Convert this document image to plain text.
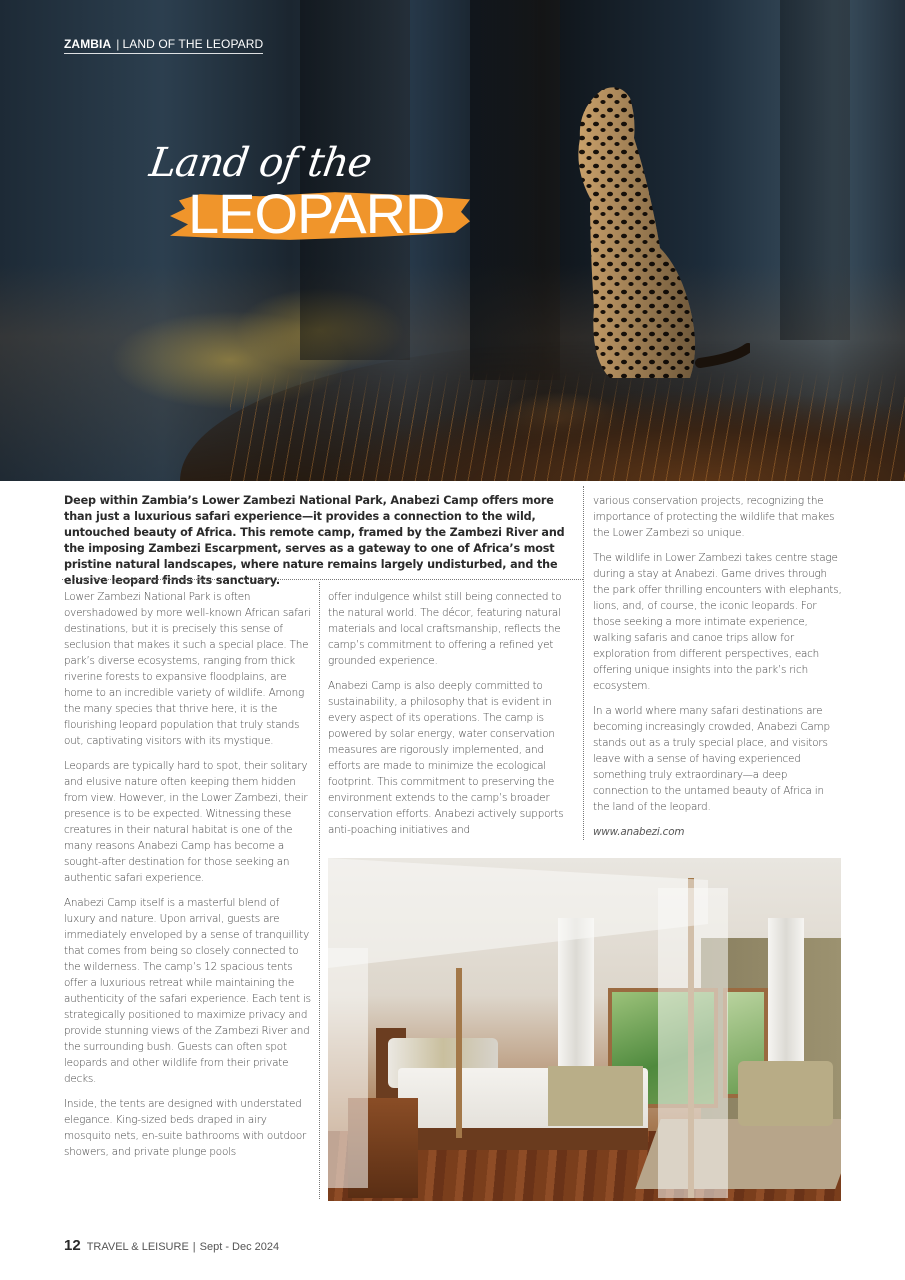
ZAMBIA | LAND OF THE LEOPARD
Land of the
LEOPARD
Deep within Zambia’s Lower Zambezi National Park, Anabezi Camp offers more than just a luxurious safari experience—it provides a connection to the wild, untouched beauty of Africa. This remote camp, framed by the Zambezi River and the imposing Zambezi Escarpment, serves as a gateway to one of Africa’s most pristine natural landscapes, where nature remains largely undisturbed, and the elusive leopard finds its sanctuary.

Lower Zambezi National Park is often overshadowed by more well-known African safari destinations, but it is precisely this sense of seclusion that makes it such a special place. The park’s diverse ecosystems, ranging from thick riverine forests to expansive floodplains, are home to an incredible variety of wildlife. Among the many species that thrive here, it is the flourishing leopard population that truly stands out, captivating visitors with its mystique.

Leopards are typically hard to spot, their solitary and elusive nature often keeping them hidden from view. However, in the Lower Zambezi, their presence is to be expected. Witnessing these creatures in their natural habitat is one of the many reasons Anabezi Camp has become a sought-after destination for those seeking an authentic safari experience.

Anabezi Camp itself is a masterful blend of luxury and nature. Upon arrival, guests are immediately enveloped by a sense of tranquillity that comes from being so closely connected to the wilderness. The camp’s 12 spacious tents offer a luxurious retreat while maintaining the authenticity of the safari experience. Each tent is strategically positioned to maximize privacy and provide stunning views of the Zambezi River and the surrounding bush. Guests can often spot leopards and other wildlife from their private decks.

Inside, the tents are designed with understated elegance. King-sized beds draped in airy mosquito nets, en-suite bathrooms with outdoor showers, and private plunge pools

offer indulgence whilst still being connected to the natural world. The décor, featuring natural materials and local craftsmanship, reflects the camp’s commitment to offering a refined yet grounded experience.

Anabezi Camp is also deeply committed to sustainability, a philosophy that is evident in every aspect of its operations. The camp is powered by solar energy, water conservation measures are rigorously implemented, and efforts are made to minimize the ecological footprint. This commitment to preserving the environment extends to the camp’s broader conservation efforts. Anabezi actively supports anti-poaching initiatives and

various conservation projects, recognizing the importance of protecting the wildlife that makes the Lower Zambezi so unique.

The wildlife in Lower Zambezi takes centre stage during a stay at Anabezi. Game drives through the park offer thrilling encounters with elephants, lions, and, of course, the iconic leopards. For those seeking a more intimate experience, walking safaris and canoe trips allow for exploration from different perspectives, each offering unique insights into the park’s rich ecosystem.

In a world where many safari destinations are becoming increasingly crowded, Anabezi Camp stands out as a truly special place, and visitors leave with a sense of having experienced something truly extraordinary—a deep connection to the untamed beauty of Africa in the land of the leopard.

www.anabezi.com

12 TRAVEL & LEISURE | Sept - Dec 2024
